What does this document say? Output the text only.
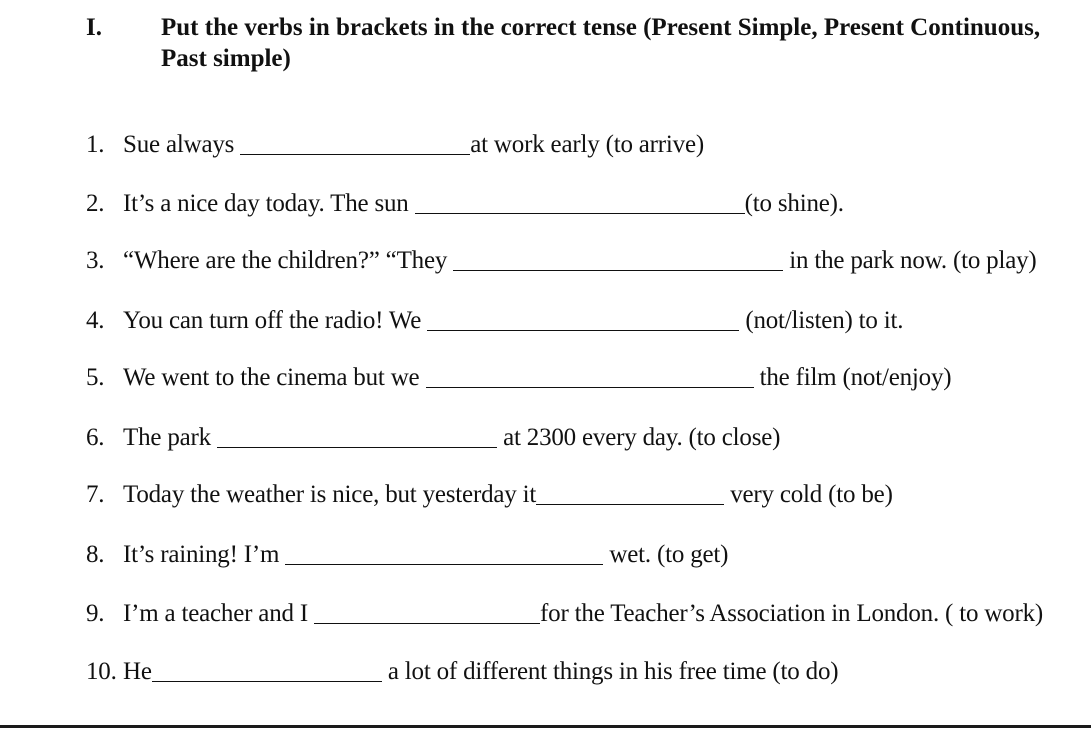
I. Put the verbs in brackets in the correct tense (Present Simple, Present Continuous, Past simple)
1. Sue always	at work early (to arrive)
2. It’s a nice day today. The sun	(to shine).
3. “Where are the children?” “They	in the park now. (to play)
4. You can turn off the radio! We	(not/listen) to it.
5. We went to the cinema but we	the film (not/enjoy)
6. The park	at 2300 every day. (to close)
7. Today the weather is nice, but yesterday it	very cold (to be)
8. It’s raining! I’m	wet. (to get)
9. I’m a teacher and I	for the Teacher’s Association in London. ( to work)
10. He	a lot of different things in his free time (to do)
